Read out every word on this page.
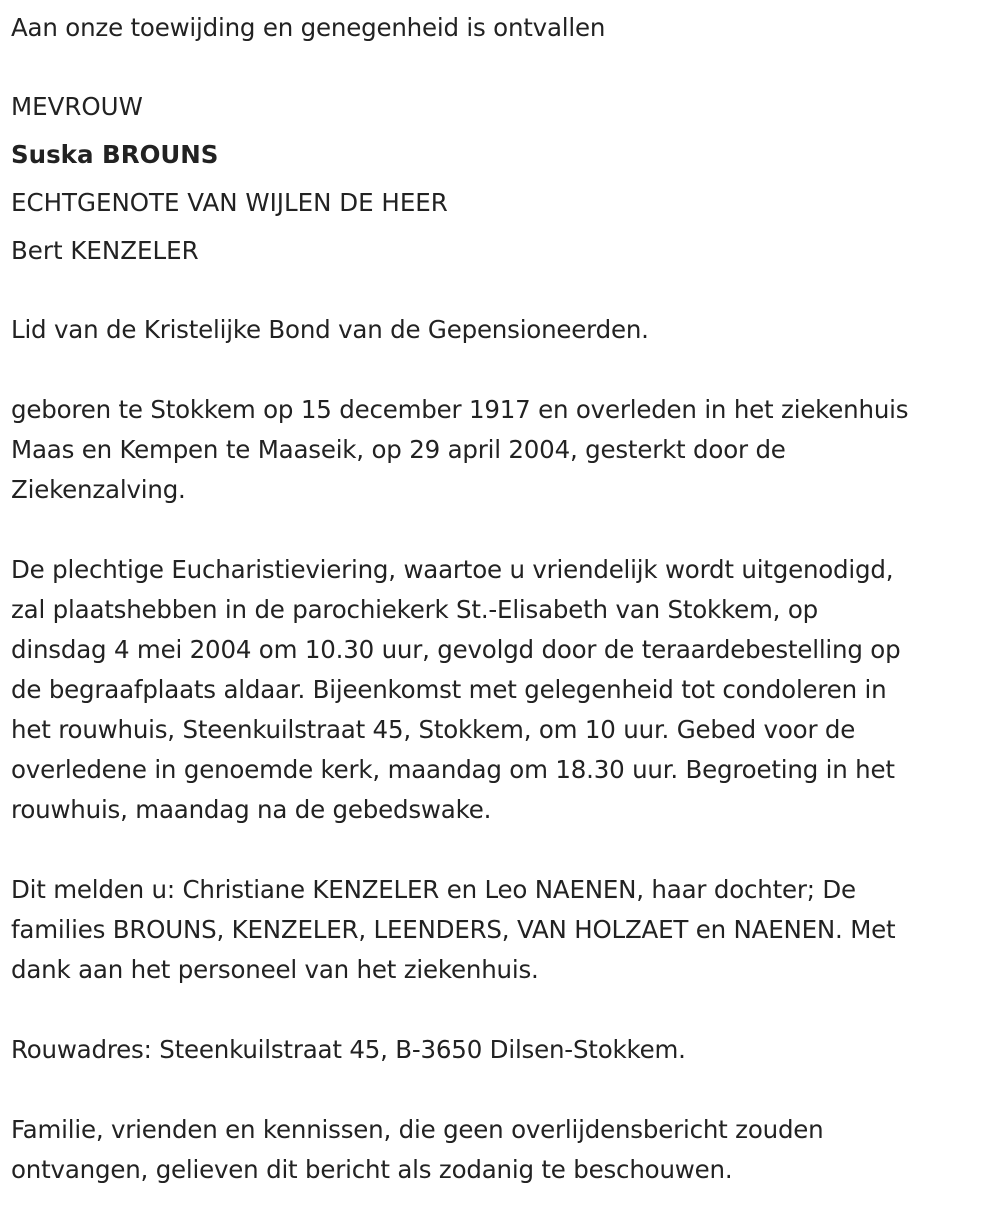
Aan onze toewijding en genegenheid is ontvallen
MEVROUW
Suska BROUNS
ECHTGENOTE VAN WIJLEN DE HEER
Bert KENZELER
Lid van de Kristelijke Bond van de Gepensioneerden.
geboren te Stokkem op 15 december 1917 en overleden in het ziekenhuis
Maas en Kempen te Maaseik, op 29 april 2004, gesterkt door de
Ziekenzalving.
De plechtige Eucharistieviering, waartoe u vriendelijk wordt uitgenodigd,
zal plaatshebben in de parochiekerk St.-Elisabeth van Stokkem, op
dinsdag 4 mei 2004 om 10.30 uur, gevolgd door de teraardebestelling op
de begraafplaats aldaar. Bijeenkomst met gelegenheid tot condoleren in
het rouwhuis, Steenkuilstraat 45, Stokkem, om 10 uur. Gebed voor de
overledene in genoemde kerk, maandag om 18.30 uur. Begroeting in het
rouwhuis, maandag na de gebedswake.
Dit melden u: Christiane KENZELER en Leo NAENEN, haar dochter; De
families BROUNS, KENZELER, LEENDERS, VAN HOLZAET en NAENEN. Met
dank aan het personeel van het ziekenhuis.
Rouwadres: Steenkuilstraat 45, B-3650 Dilsen-Stokkem.
Familie, vrienden en kennissen, die geen overlijdensbericht zouden
ontvangen, gelieven dit bericht als zodanig te beschouwen.
